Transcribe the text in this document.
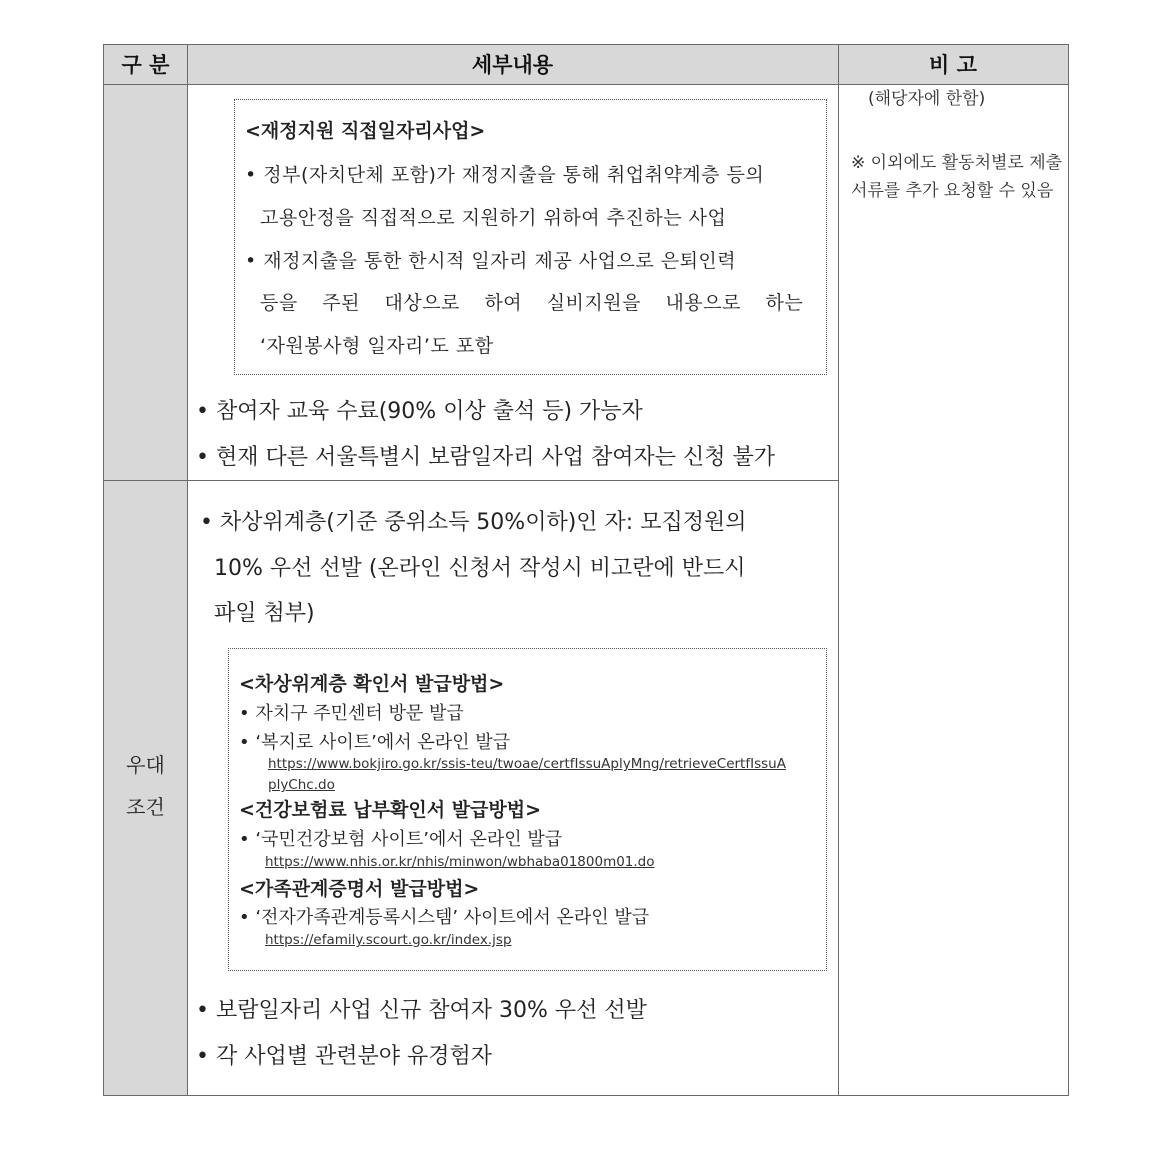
구 분	세부내용	비 고
<재정지원 직접일자리사업>
• 정부(자치단체 포함)가 재정지출을 통해 취업취약계층 등의
고용안정을 직접적으로 지원하기 위하여 추진하는 사업
• 재정지출을 통한 한시적 일자리 제공 사업으로 은퇴인력
등을 주된 대상으로 하여 실비지원을 내용으로 하는
‘자원봉사형 일자리’도 포함
• 참여자 교육 수료(90% 이상 출석 등) 가능자
• 현재 다른 서울특별시 보람일자리 사업 참여자는 신청 불가
(해당자에 한함)
※ 이외에도 활동처별로 제출서류를 추가 요청할 수 있음
우대
조건
• 차상위계층(기준 중위소득 50%이하)인 자: 모집정원의
10% 우선 선발 (온라인 신청서 작성시 비고란에 반드시
파일 첨부)
<차상위계층 확인서 발급방법>
• 자치구 주민센터 방문 발급
• ‘복지로 사이트’에서 온라인 발급
https://www.bokjiro.go.kr/ssis-teu/twoae/certfIssuAplyMng/retrieveCertfIssuA
plyChc.do
<건강보험료 납부확인서 발급방법>
• ‘국민건강보험 사이트’에서 온라인 발급
https://www.nhis.or.kr/nhis/minwon/wbhaba01800m01.do
<가족관계증명서 발급방법>
• ‘전자가족관계등록시스템’ 사이트에서 온라인 발급
https://efamily.scourt.go.kr/index.jsp
• 보람일자리 사업 신규 참여자 30% 우선 선발
• 각 사업별 관련분야 유경험자
